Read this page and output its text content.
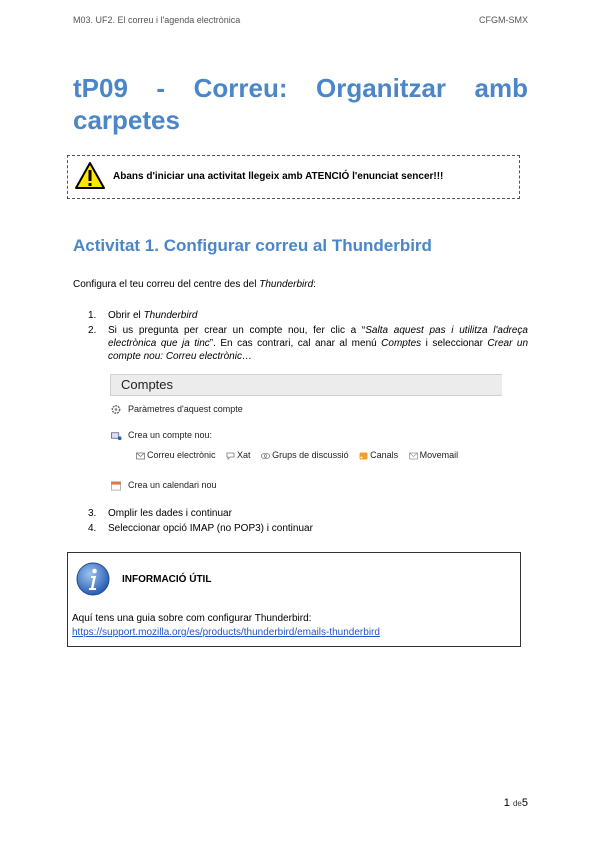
M03. UF2. El correu i l'agenda electrònica	CFGM-SMX
tP09 - Correu: Organitzar amb carpetes
Abans d'iniciar una activitat llegeix amb ATENCIÓ l'enunciat sencer!!!
Activitat 1. Configurar correu al Thunderbird
Configura el teu correu del centre des del Thunderbird:
1. Obrir el Thunderbird
2. Si us pregunta per crear un compte nou, fer clic a “Salta aquest pas i utilitza l'adreça electrònica que ja tinc”. En cas contrari, cal anar al menú Comptes i seleccionar Crear un compte nou: Correu electrònic…
Comptes
Paràmetres d'aquest compte
Crea un compte nou:
Correu electrònic Xat Grups de discussió Canals Movemail
Crea un calendari nou
3. Omplir les dades i continuar
4. Seleccionar opció IMAP (no POP3) i continuar
INFORMACIÓ ÚTIL
Aquí tens una guia sobre com configurar Thunderbird:
https://support.mozilla.org/es/products/thunderbird/emails-thunderbird
1 de5
